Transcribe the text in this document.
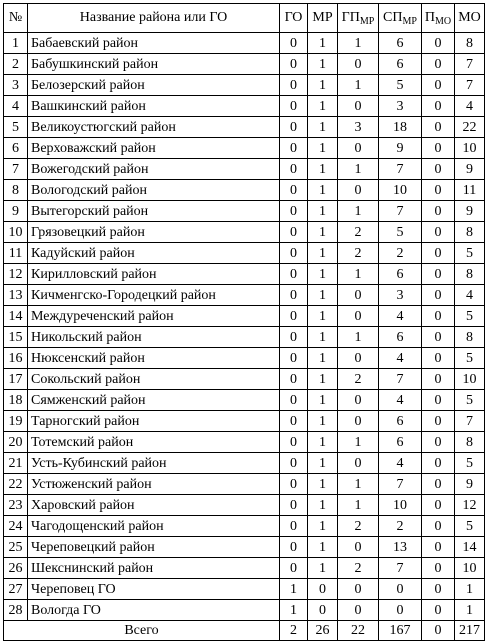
№	Название района или ГО	ГО	МР	$ГП_{МР}$	$СП_{МР}$	$П_{МО}$	МО
1	Бабаевский район	0	1	1	6	0	8
2	Бабушкинский район	0	1	0	6	0	7
3	Белозерский район	0	1	1	5	0	7
4	Вашкинский район	0	1	0	3	0	4
5	Великоустюгский район	0	1	3	18	0	22
6	Верховажский район	0	1	0	9	0	10
7	Вожегодский район	0	1	1	7	0	9
8	Вологодский район	0	1	0	10	0	11
9	Вытегорский район	0	1	1	7	0	9
10	Грязовецкий район	0	1	2	5	0	8
11	Кадуйский район	0	1	2	2	0	5
12	Кирилловский район	0	1	1	6	0	8
13	Кичменгско-Городецкий район	0	1	0	3	0	4
14	Междуреченский район	0	1	0	4	0	5
15	Никольский район	0	1	1	6	0	8
16	Нюксенский район	0	1	0	4	0	5
17	Сокольский район	0	1	2	7	0	10
18	Сямженский район	0	1	0	4	0	5
19	Тарногский район	0	1	0	6	0	7
20	Тотемский район	0	1	1	6	0	8
21	Усть-Кубинский район	0	1	0	4	0	5
22	Устюженский район	0	1	1	7	0	9
23	Харовский район	0	1	1	10	0	12
24	Чагодощенский район	0	1	2	2	0	5
25	Череповецкий район	0	1	0	13	0	14
26	Шекснинский район	0	1	2	7	0	10
27	Череповец ГО	1	0	0	0	0	1
28	Вологда ГО	1	0	0	0	0	1
Всего		2	26	22	167	0	217
